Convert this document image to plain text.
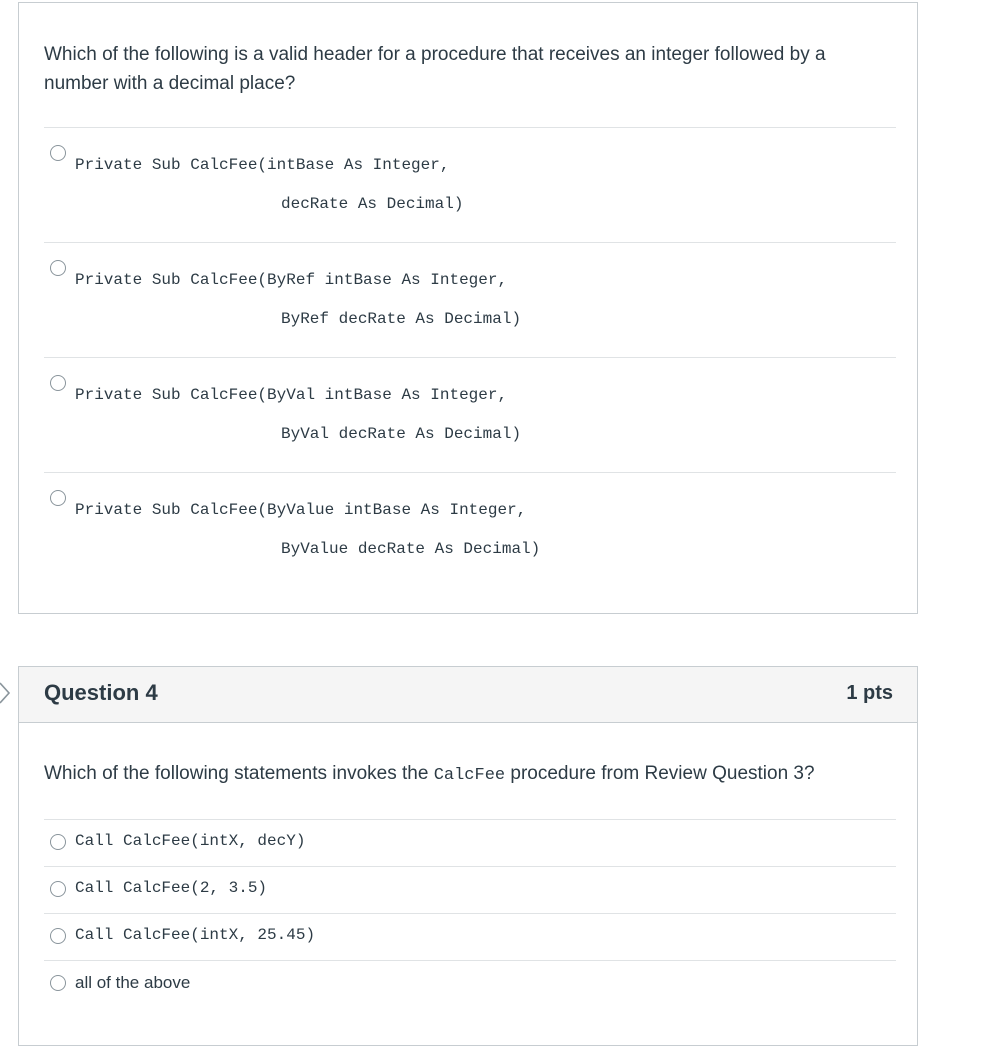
Which of the following is a valid header for a procedure that receives an integer followed by a number with a decimal place?
Private Sub CalcFee(intBase As Integer,
decRate As Decimal)
Private Sub CalcFee(ByRef intBase As Integer,
ByRef decRate As Decimal)
Private Sub CalcFee(ByVal intBase As Integer,
ByVal decRate As Decimal)
Private Sub CalcFee(ByValue intBase As Integer,
ByValue decRate As Decimal)
Question 4	1 pts
Which of the following statements invokes the CalcFee procedure from Review Question 3?
Call CalcFee(intX, decY)
Call CalcFee(2, 3.5)
Call CalcFee(intX, 25.45)
all of the above
